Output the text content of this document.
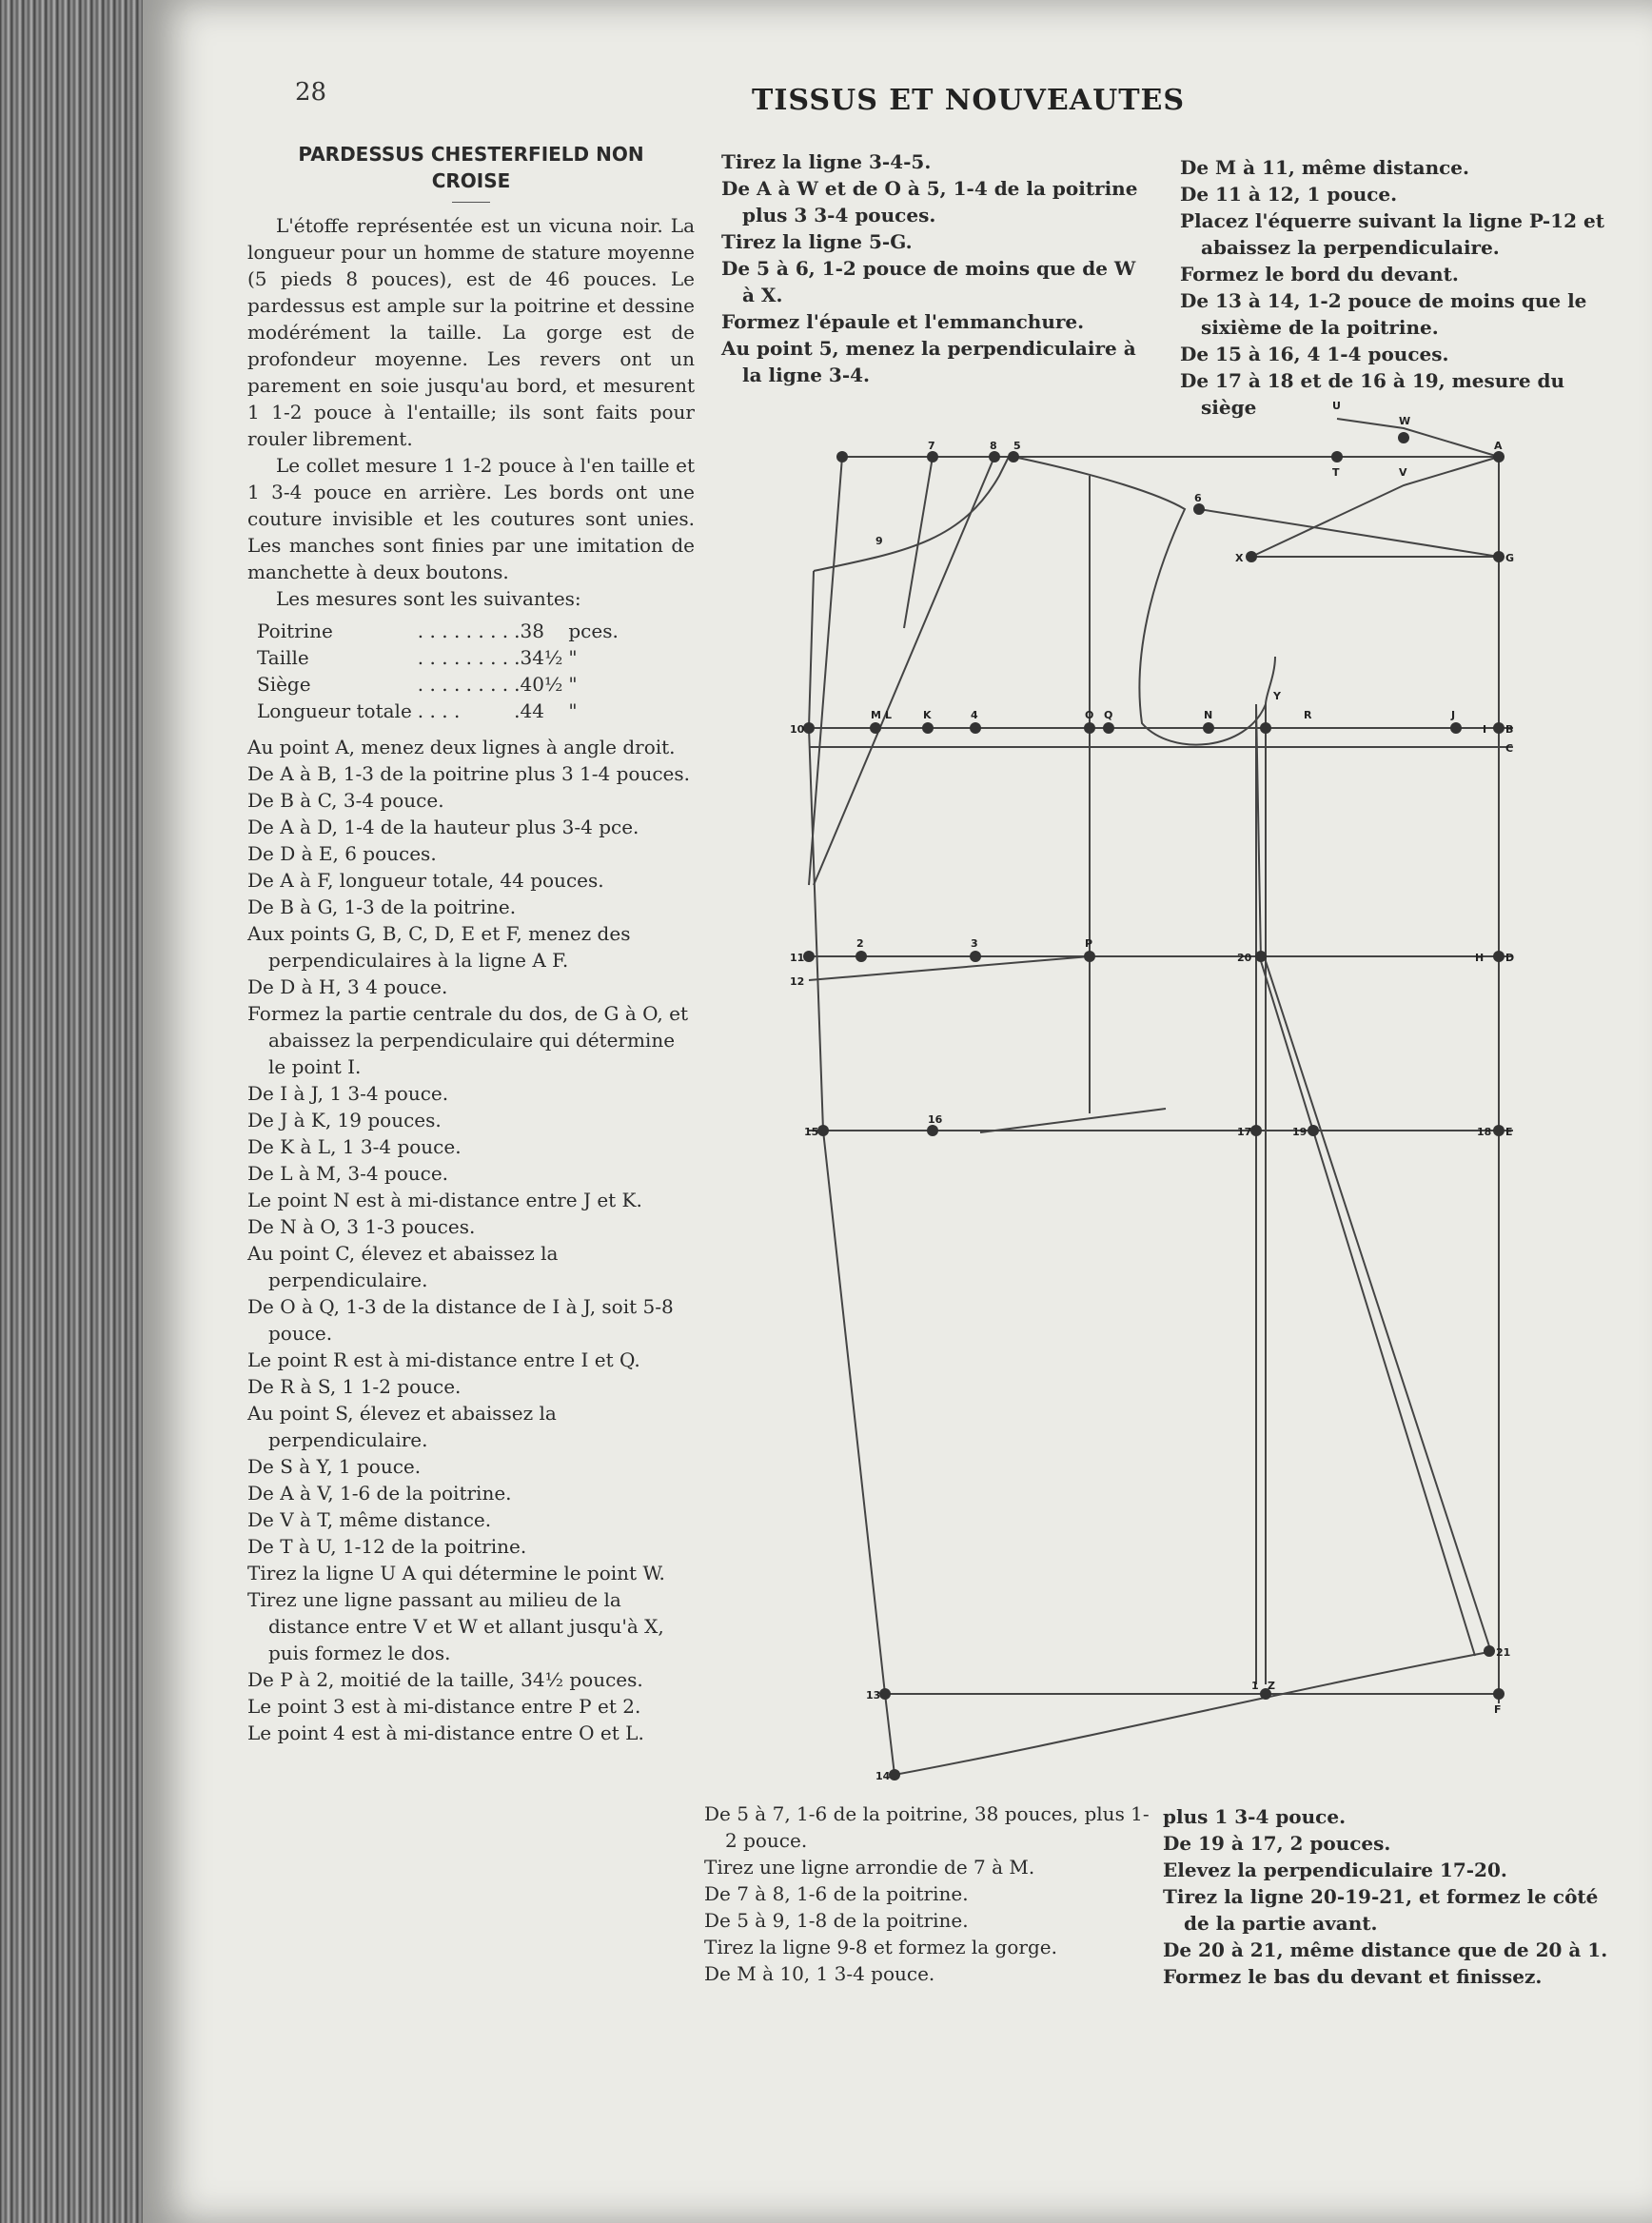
28	TISSUS ET NOUVEAUTES
PARDESSUS CHESTERFIELD NON
CROISE

L'étoffe représentée est un vicuna noir. La longueur pour un homme de stature moyenne (5 pieds 8 pouces), est de 46 pouces. Le pardessus est ample sur la poitrine et dessine modérément la taille. La gorge est de profondeur moyenne. Les revers ont un parement en soie jusqu'au bord, et mesurent 1 1-2 pouce à l'entaille; ils sont faits pour rouler librement.

Le collet mesure 1 1-2 pouce à l'en taille et 1 3-4 pouce en arrière. Les bords ont une couture invisible et les coutures sont unies. Les manches sont finies par une imitation de manchette à deux boutons.

Les mesures sont les suivantes:

Poitrine	. . . . . . . .	.38	pces.
Taille	. . . . . . . .	.34½	"
Siège	. . . . . . . .	.40½	"
Longueur totale	. . . .	.44	"

Au point A, menez deux lignes à angle droit.

De A à B, 1-3 de la poitrine plus 3 1-4 pouces.

De B à C, 3-4 pouce.

De A à D, 1-4 de la hauteur plus 3-4 pce.

De D à E, 6 pouces.

De A à F, longueur totale, 44 pouces.

De B à G, 1-3 de la poitrine.

Aux points G, B, C, D, E et F, menez des perpendiculaires à la ligne A F.

De D à H, 3 4 pouce.

Formez la partie centrale du dos, de G à O, et abaissez la perpendiculaire qui détermine le point I.

De I à J, 1 3-4 pouce.

De J à K, 19 pouces.

De K à L, 1 3-4 pouce.

De L à M, 3-4 pouce.

Le point N est à mi-distance entre J et K.

De N à O, 3 1-3 pouces.

Au point C, élevez et abaissez la perpendiculaire.

De O à Q, 1-3 de la distance de I à J, soit 5-8 pouce.

Le point R est à mi-distance entre I et Q.

De R à S, 1 1-2 pouce.

Au point S, élevez et abaissez la perpendiculaire.

De S à Y, 1 pouce.

De A à V, 1-6 de la poitrine.

De V à T, même distance.

De T à U, 1-12 de la poitrine.

Tirez la ligne U A qui détermine le point W.

Tirez une ligne passant au milieu de la distance entre V et W et allant jusqu'à X, puis formez le dos.

De P à 2, moitié de la taille, 34½ pouces.

Le point 3 est à mi-distance entre P et 2.

Le point 4 est à mi-distance entre O et L.

Tirez la ligne 3-4-5.

De A à W et de O à 5, 1-4 de la poitrine plus 3 3-4 pouces.

Tirez la ligne 5-G.

De 5 à 6, 1-2 pouce de moins que de W à X.

Formez l'épaule et l'emmanchure.

Au point 5, menez la perpendiculaire à la ligne 3-4.

De M à 11, même distance.

De 11 à 12, 1 pouce.

Placez l'équerre suivant la ligne P-12 et abaissez la perpendiculaire.

Formez le bord du devant.

De 13 à 14, 1-2 pouce de moins que le sixième de la poitrine.

De 15 à 16, 4 1-4 pouces.

De 17 à 18 et de 16 à 19, mesure du siège	U
W
A
T	V
7	8 5
6
9
X	G
Y
10
M L	K	4	O Q	N	R	J
I B
C
11
2	3	P
20	H D
12
16
15	17	19	18 E
21
13
1 Z
F
14

De 5 à 7, 1-6 de la poitrine, 38 pouces, plus 1-2 pouce.

Tirez une ligne arrondie de 7 à M.

De 7 à 8, 1-6 de la poitrine.

De 5 à 9, 1-8 de la poitrine.

Tirez la ligne 9-8 et formez la gorge.

De M à 10, 1 3-4 pouce.

plus 1 3-4 pouce.

De 19 à 17, 2 pouces.

Elevez la perpendiculaire 17-20.

Tirez la ligne 20-19-21, et formez le côté de la partie avant.

De 20 à 21, même distance que de 20 à 1.

Formez le bas du devant et finissez.
